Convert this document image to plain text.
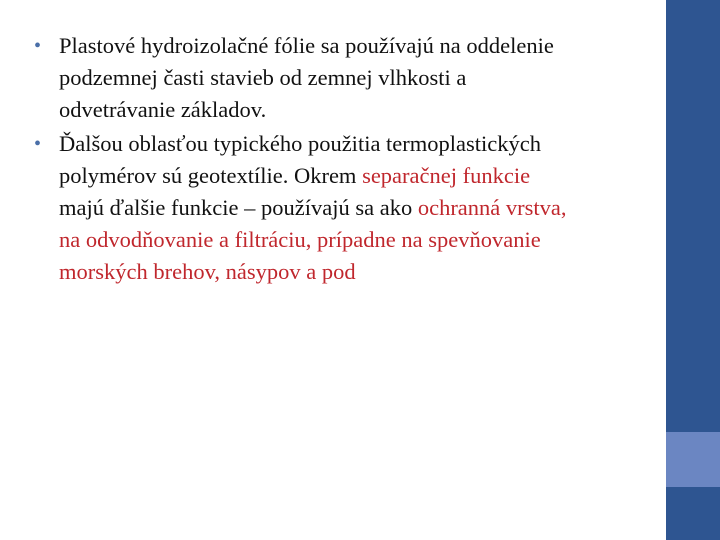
• Plastové hydroizolačné fólie sa používajú na oddelenie
podzemnej časti stavieb od zemnej vlhkosti a
odvetrávanie základov.
• Ďalšou oblasťou typického použitia termoplastických
polymérov sú geotextílie. Okrem separačnej funkcie
majú ďalšie funkcie – používajú sa ako ochranná vrstva,
na odvodňovanie a filtráciu, prípadne na spevňovanie
morských brehov, násypov a pod
